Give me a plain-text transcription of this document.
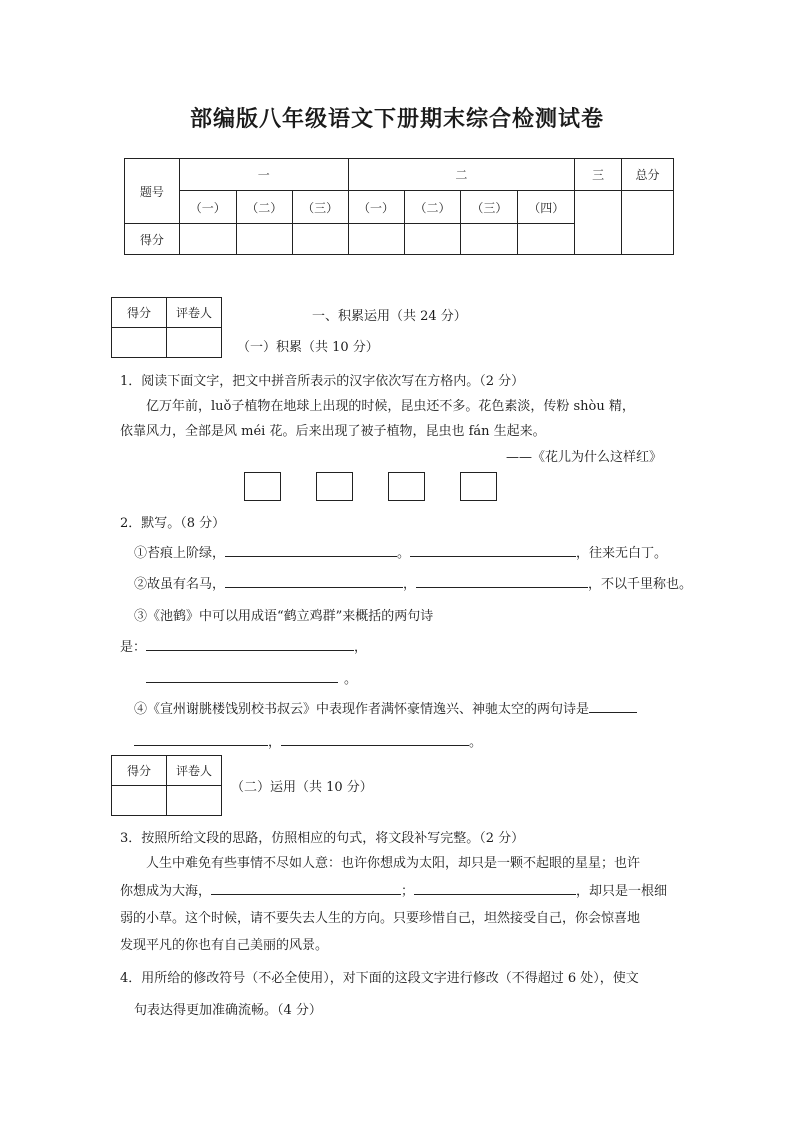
部编版八年级语文下册期末综合检测试卷
题号	一			二				三	总分
	（一）	（二）	（三）	（一）	（二）	（三）	（四）		
得分									
得分	评卷人
		一、积累运用（共 24 分）
（一）积累（共 10 分）
1．阅读下面文字，把文中拼音所表示的汉字依次写在方格内。（2 分）
亿万年前，luǒ子植物在地球上出现的时候，昆虫还不多。花色素淡，传粉 shòu 精，
依靠风力，全部是风 méi 花。后来出现了被子植物，昆虫也 fán 生起来。
——《花儿为什么这样红》
2．默写。（8 分）
①苔痕上阶绿，	。	，往来无白丁。
②故虽有名马，	，	，不以千里称也。
③《池鹤》中可以用成语“鹤立鸡群”来概括的两句诗
是：	，
。
④《宣州谢朓楼饯别校书叔云》中表现作者满怀豪情逸兴、神驰太空的两句诗是
，	。
得分	评卷人

（二）运用（共 10 分）
3．按照所给文段的思路，仿照相应的句式，将文段补写完整。（2 分）
人生中难免有些事情不尽如人意：也许你想成为太阳，却只是一颗不起眼的星星；也许
你想成为大海，	；	，却只是一根细
弱的小草。这个时候，请不要失去人生的方向。只要珍惜自己，坦然接受自己，你会惊喜地
发现平凡的你也有自己美丽的风景。
4．用所给的修改符号（不必全使用），对下面的这段文字进行修改（不得超过 6 处），使文
句表达得更加准确流畅。（4 分）
